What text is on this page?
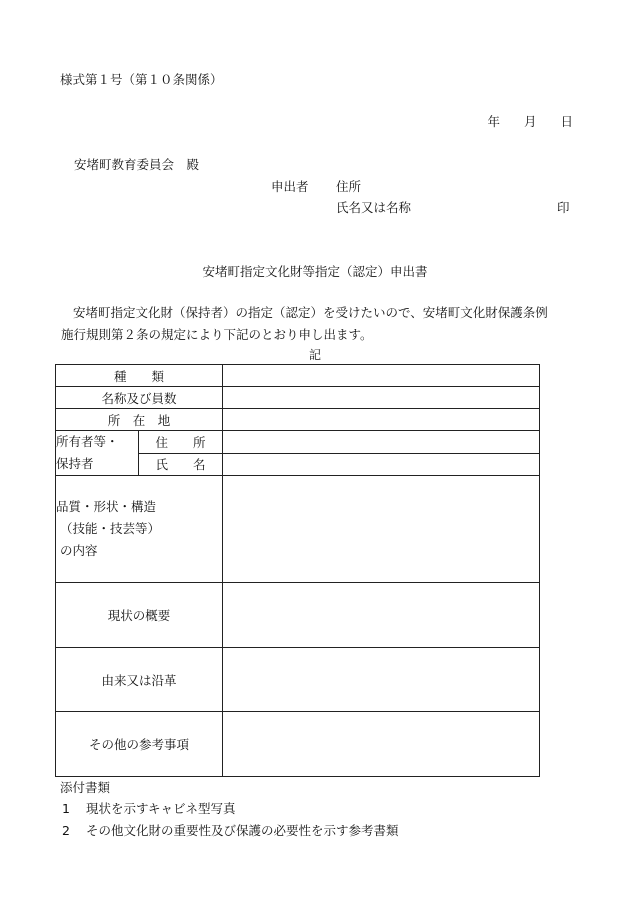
様式第１号（第１０条関係）
年 月 日
安堵町教育委員会　殿
申出者 住所
氏名又は名称	印
安堵町指定文化財等指定（認定）申出書

安堵町指定文化財（保持者）の指定（認定）を受けたいので、安堵町文化財保護条例

施行規則第２条の規定により下記のとおり申し出ます。

記
種　　類		
名称及び員数		
所　在　地		

所有者等・
保持者	住　　所	
	氏　　名	

品質・形状・構造
（技能・技芸等）
の内容		

現状の概要		
由来又は沿革		
その他の参考事項		
添付書類
1 現状を示すキャビネ型写真
2 その他文化財の重要性及び保護の必要性を示す参考書類
